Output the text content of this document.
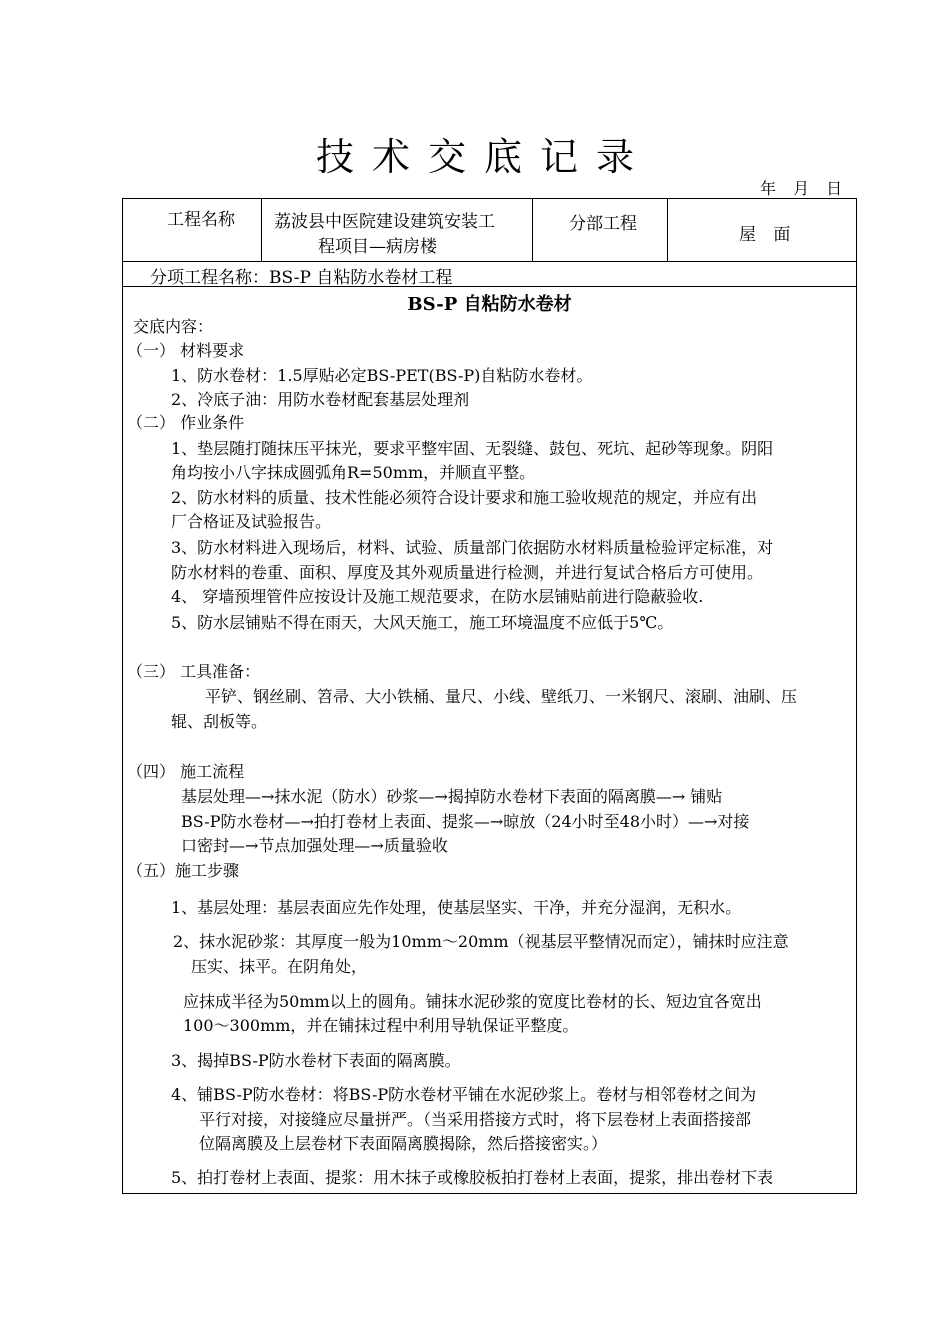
技术交底记录
年 月 日
工程名称 荔波县中医院建设建筑安装工
程项目—病房楼
分部工程
屋 面
分项工程名称：BS-P 自粘防水卷材工程
BS-P 自粘防水卷材
交底内容：
（一） 材料要求
1、防水卷材：1.5厚贴必定BS-PET(BS-P)自粘防水卷材。
2、冷底子油：用防水卷材配套基层处理剂
（二） 作业条件
1、垫层随打随抹压平抹光，要求平整牢固、无裂缝、鼓包、死坑、起砂等现象。阴阳
角均按小八字抹成圆弧角R=50mm，并顺直平整。
2、防水材料的质量、技术性能必须符合设计要求和施工验收规范的规定，并应有出
厂合格证及试验报告。
3、防水材料进入现场后，材料、试验、质量部门依据防水材料质量检验评定标准，对
防水材料的卷重、面积、厚度及其外观质量进行检测，并进行复试合格后方可使用。
4、 穿墙预埋管件应按设计及施工规范要求，在防水层铺贴前进行隐蔽验收.
5、防水层铺贴不得在雨天，大风天施工，施工环境温度不应低于5℃。
（三） 工具准备：
平铲、钢丝刷、笤帚、大小铁桶、量尺、小线、壁纸刀、一米钢尺、滚刷、油刷、压
辊、刮板等。
（四） 施工流程
基层处理—→抹水泥（防水）砂浆—→揭掉防水卷材下表面的隔离膜—→ 铺贴
BS-P防水卷材—→拍打卷材上表面、提浆—→晾放（24小时至48小时）—→对接
口密封—→节点加强处理—→质量验收
（五）施工步骤
1、基层处理：基层表面应先作处理，使基层坚实、干净，并充分湿润，无积水。
2、抹水泥砂浆：其厚度一般为10mm～20mm（视基层平整情况而定），铺抹时应注意
压实、抹平。在阴角处，
应抹成半径为50mm以上的圆角。铺抹水泥砂浆的宽度比卷材的长、短边宜各宽出
100～300mm，并在铺抹过程中利用导轨保证平整度。
3、揭掉BS-P防水卷材下表面的隔离膜。
4、铺BS-P防水卷材：将BS-P防水卷材平铺在水泥砂浆上。卷材与相邻卷材之间为
平行对接，对接缝应尽量拼严。（当采用搭接方式时，将下层卷材上表面搭接部
位隔离膜及上层卷材下表面隔离膜揭除，然后搭接密实。）
5、拍打卷材上表面、提浆：用木抹子或橡胶板拍打卷材上表面，提浆，排出卷材下表
